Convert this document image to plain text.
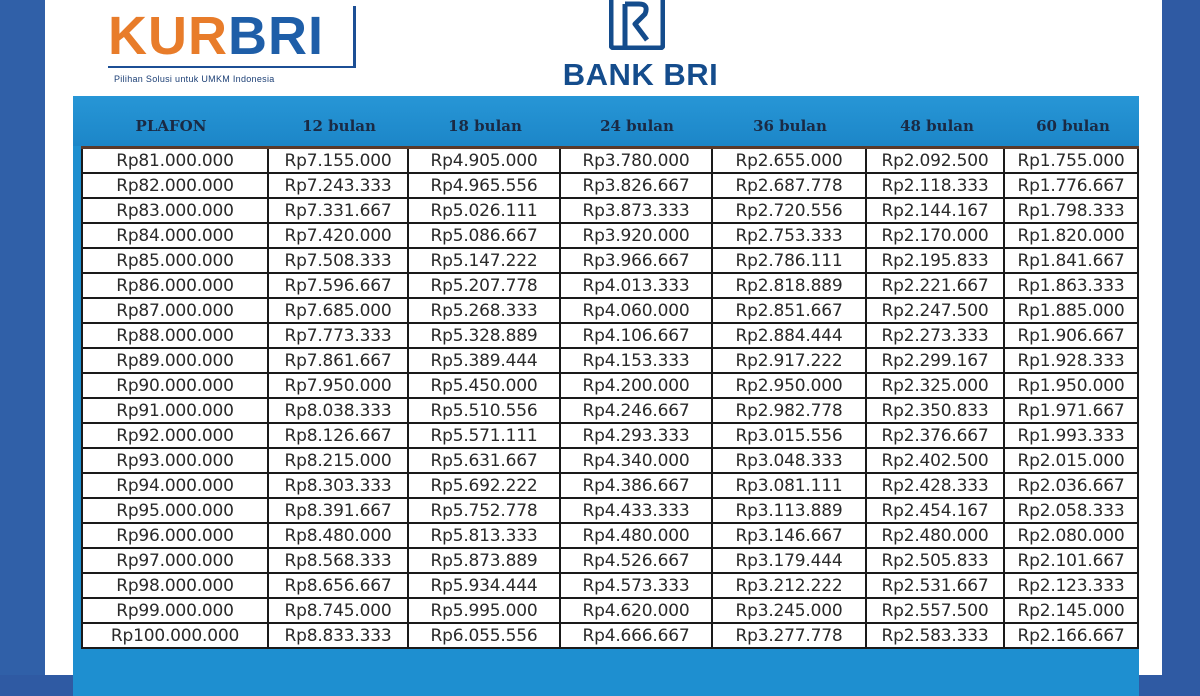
KURBRI
Pilihan Solusi untuk UMKM Indonesia	BANK BRI
PLAFON	12 bulan	18 bulan	24 bulan	36 bulan	48 bulan	60 bulan
Rp81.000.000	Rp7.155.000	Rp4.905.000	Rp3.780.000	Rp2.655.000	Rp2.092.500	Rp1.755.000
Rp82.000.000	Rp7.243.333	Rp4.965.556	Rp3.826.667	Rp2.687.778	Rp2.118.333	Rp1.776.667
Rp83.000.000	Rp7.331.667	Rp5.026.111	Rp3.873.333	Rp2.720.556	Rp2.144.167	Rp1.798.333
Rp84.000.000	Rp7.420.000	Rp5.086.667	Rp3.920.000	Rp2.753.333	Rp2.170.000	Rp1.820.000
Rp85.000.000	Rp7.508.333	Rp5.147.222	Rp3.966.667	Rp2.786.111	Rp2.195.833	Rp1.841.667
Rp86.000.000	Rp7.596.667	Rp5.207.778	Rp4.013.333	Rp2.818.889	Rp2.221.667	Rp1.863.333
Rp87.000.000	Rp7.685.000	Rp5.268.333	Rp4.060.000	Rp2.851.667	Rp2.247.500	Rp1.885.000
Rp88.000.000	Rp7.773.333	Rp5.328.889	Rp4.106.667	Rp2.884.444	Rp2.273.333	Rp1.906.667
Rp89.000.000	Rp7.861.667	Rp5.389.444	Rp4.153.333	Rp2.917.222	Rp2.299.167	Rp1.928.333
Rp90.000.000	Rp7.950.000	Rp5.450.000	Rp4.200.000	Rp2.950.000	Rp2.325.000	Rp1.950.000
Rp91.000.000	Rp8.038.333	Rp5.510.556	Rp4.246.667	Rp2.982.778	Rp2.350.833	Rp1.971.667
Rp92.000.000	Rp8.126.667	Rp5.571.111	Rp4.293.333	Rp3.015.556	Rp2.376.667	Rp1.993.333
Rp93.000.000	Rp8.215.000	Rp5.631.667	Rp4.340.000	Rp3.048.333	Rp2.402.500	Rp2.015.000
Rp94.000.000	Rp8.303.333	Rp5.692.222	Rp4.386.667	Rp3.081.111	Rp2.428.333	Rp2.036.667
Rp95.000.000	Rp8.391.667	Rp5.752.778	Rp4.433.333	Rp3.113.889	Rp2.454.167	Rp2.058.333
Rp96.000.000	Rp8.480.000	Rp5.813.333	Rp4.480.000	Rp3.146.667	Rp2.480.000	Rp2.080.000
Rp97.000.000	Rp8.568.333	Rp5.873.889	Rp4.526.667	Rp3.179.444	Rp2.505.833	Rp2.101.667
Rp98.000.000	Rp8.656.667	Rp5.934.444	Rp4.573.333	Rp3.212.222	Rp2.531.667	Rp2.123.333
Rp99.000.000	Rp8.745.000	Rp5.995.000	Rp4.620.000	Rp3.245.000	Rp2.557.500	Rp2.145.000
Rp100.000.000	Rp8.833.333	Rp6.055.556	Rp4.666.667	Rp3.277.778	Rp2.583.333	Rp2.166.667
